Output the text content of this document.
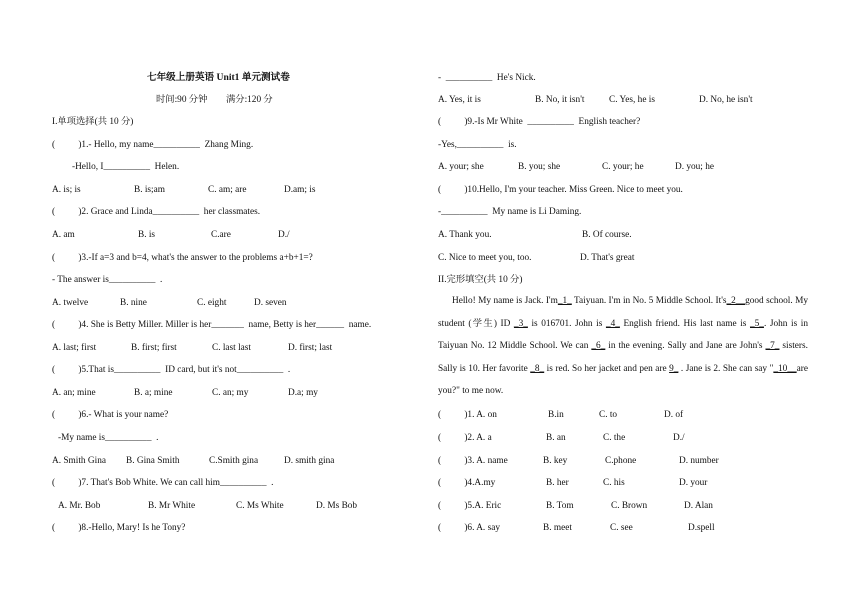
七年级上册英语 Unit1 单元测试卷
时间:90 分钟        满分:120 分
I.单项选择(共 10 分)
(          )1.- Hello, my name__________  Zhang Ming.
-Hello, I__________  Helen.
A. is; is	B. is;am	C. am; are	D.am; is
(          )2. Grace and Linda__________  her classmates.
A. am	B. is	C.are	D./
(          )3.-If a=3 and b=4, what's the answer to the problems a+b+1=?
- The answer is__________  .
A. twelve	B. nine	C. eight	D. seven
(          )4. She is Betty Miller. Miller is her_______  name, Betty is her______  name.
A. last; first	B. first; first	C. last last	D. first; last
(          )5.That is__________  ID card, but it's not__________  .
A. an; mine	B. a; mine	C. an; my	D.a; my
(          )6.- What is your name?
-My name is__________  .
A. Smith Gina B. Gina Smith	C.Smith gina	D. smith gina
(          )7. That's Bob White. We can call him__________  .
A. Mr. Bob	B. Mr White	C. Ms White	D. Ms Bob
(          )8.-Hello, Mary! Is he Tony?
-  __________  He's Nick.
A. Yes, it is	B. No, it isn't	C. Yes, he is	D. No, he isn't
(          )9.-Is Mr White  __________  English teacher?
-Yes,__________  is.
A. your; she	B. you; she	C. your; he	D. you; he
(          )10.Hello, I'm your teacher. Miss Green. Nice to meet you.
-__________  My name is Li Daming.
A. Thank you.	B. Of course.
C. Nice to meet you, too.	D. That's great
II.完形填空(共 10 分)
Hello! My name is Jack. I'm_1_ Taiyuan. I'm in No. 5 Middle School. It's_2__good school. My student (学生) ID _3_ is 016701. John is _4_ English friend. His last name is _5_. John is in Taiyuan No. 12 Middle School. We can _6_ in the evening. Sally and Jane are John's _7_ sisters. Sally is 10. Her favorite _8_ is red. So her jacket and pen are 9_ . Jane is 2. She can say "_10__are you?" to me now.
(          )1. A. on	B.in	C. to	D. of
(          )2. A. a	B. an	C. the	D./
(          )3. A. name	B. key	C.phone	D. number
(          )4.A.my	B. her	C. his	D. your
(          )5.A. Eric	B. Tom	C. Brown	D. Alan
(          )6. A. say	B. meet	C. see	D.spell
